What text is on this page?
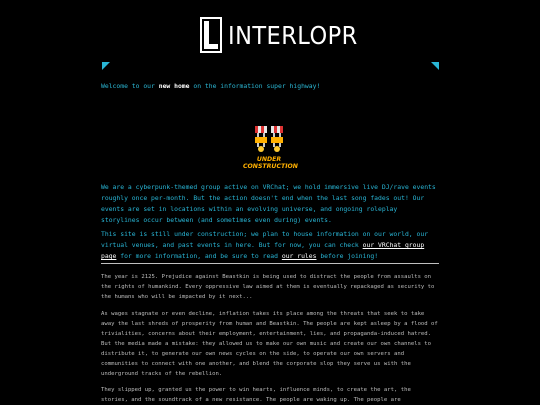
INTERLOPR
Welcome to our new home on the information super highway!
UNDER
CONSTRUCTION

We are a cyberpunk-themed group active on VRChat; we hold immersive live DJ/rave events roughly once per-month. But the action doesn't end when the last song fades out! Our events are set in locations within an evolving universe, and ongoing roleplay storylines occur between (and sometimes even during) events.

This site is still under construction; we plan to house information on our world, our virtual venues, and past events in here. But for now, you can check our VRChat group page for more information, and be sure to read our rules before joining!

The year is 2125. Prejudice against Beastkin is being used to distract the people from assaults on the rights of humankind. Every oppressive law aimed at them is eventually repackaged as security to the humans who will be impacted by it next...

As wages stagnate or even decline, inflation takes its place among the threats that seek to take away the last shreds of prosperity from human and Beastkin. The people are kept asleep by a flood of trivialities, concerns about their employment, entertainment, lies, and propaganda-induced hatred. But the media made a mistake: they allowed us to make our own music and create our own channels to distribute it, to generate our own news cycles on the side, to operate our own servers and communities to connect with one another, and blend the corporate slop they serve us with the underground tracks of the rebellion.

They slipped up, granted us the power to win hearts, influence minds, to create the art, the stories, and the soundtrack of a new resistance. The people are waking up. The people are
